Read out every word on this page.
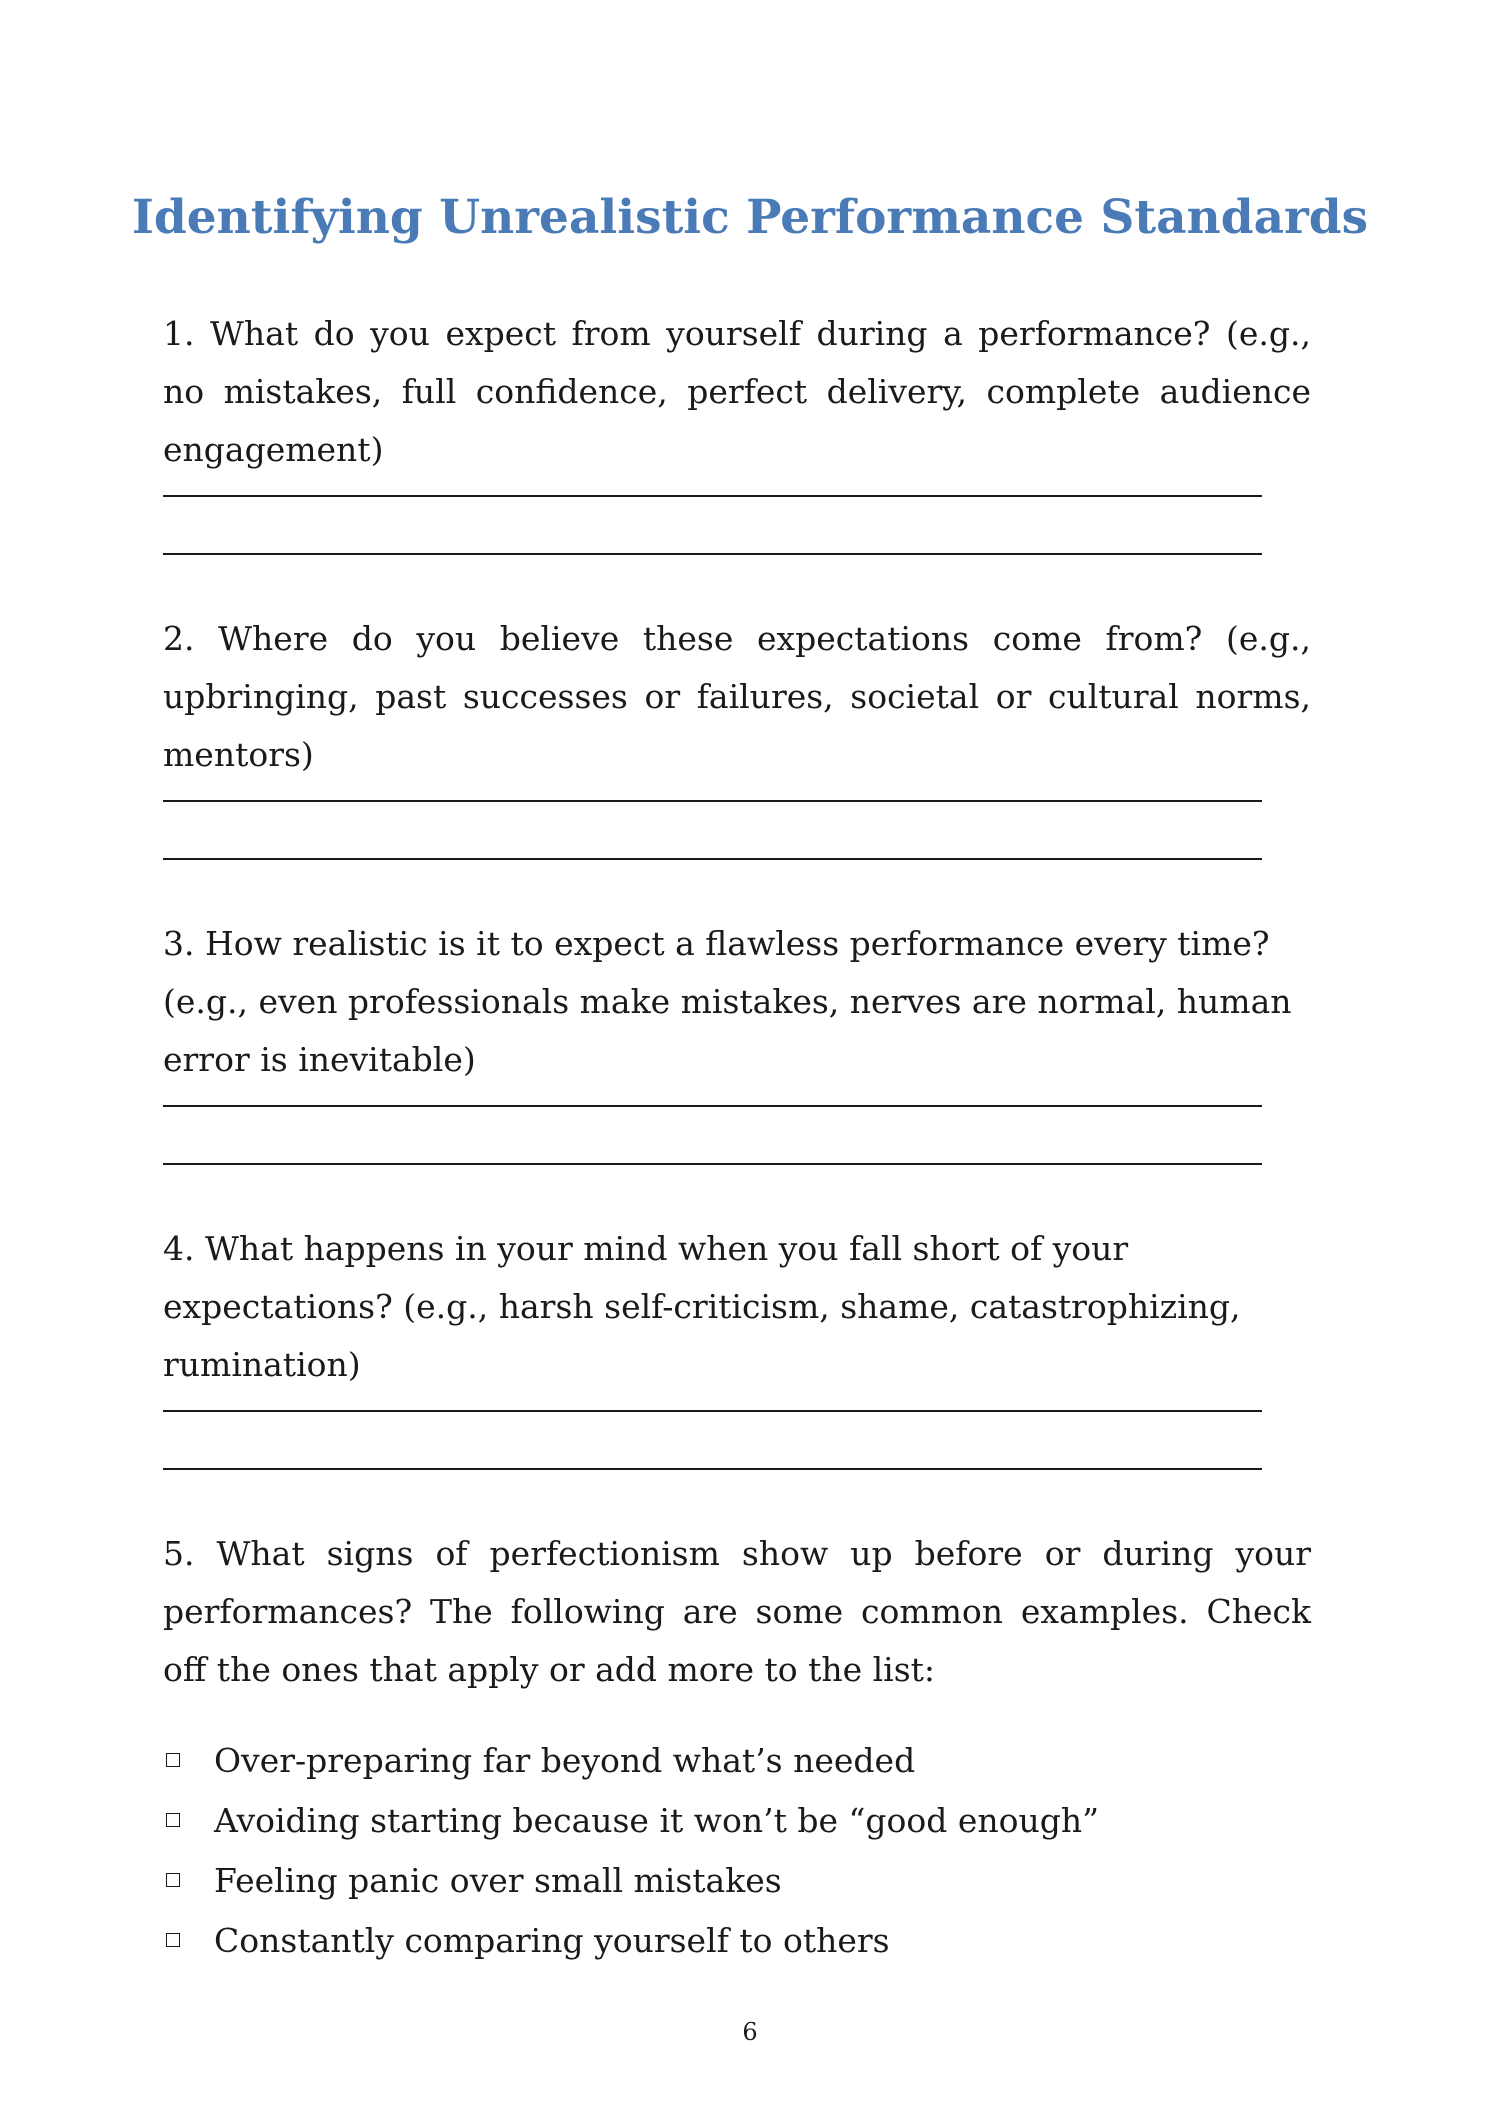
Identifying Unrealistic Performance Standards

1. What do you expect from yourself during a performance? (e.g., no mistakes, full confidence, perfect delivery, complete audience engagement)

2. Where do you believe these expectations come from? (e.g., upbringing, past successes or failures, societal or cultural norms, mentors)

3. How realistic is it to expect a flawless performance every time? (e.g., even professionals make mistakes, nerves are normal, human error is inevitable)

4. What happens in your mind when you fall short of your expectations? (e.g., harsh self-criticism, shame, catastrophizing, rumination)

5. What signs of perfectionism show up before or during your performances? The following are some common examples. Check off the ones that apply or add more to the list:

Over-preparing far beyond what’s needed
Avoiding starting because it won’t be “good enough”
Feeling panic over small mistakes
Constantly comparing yourself to others
6
